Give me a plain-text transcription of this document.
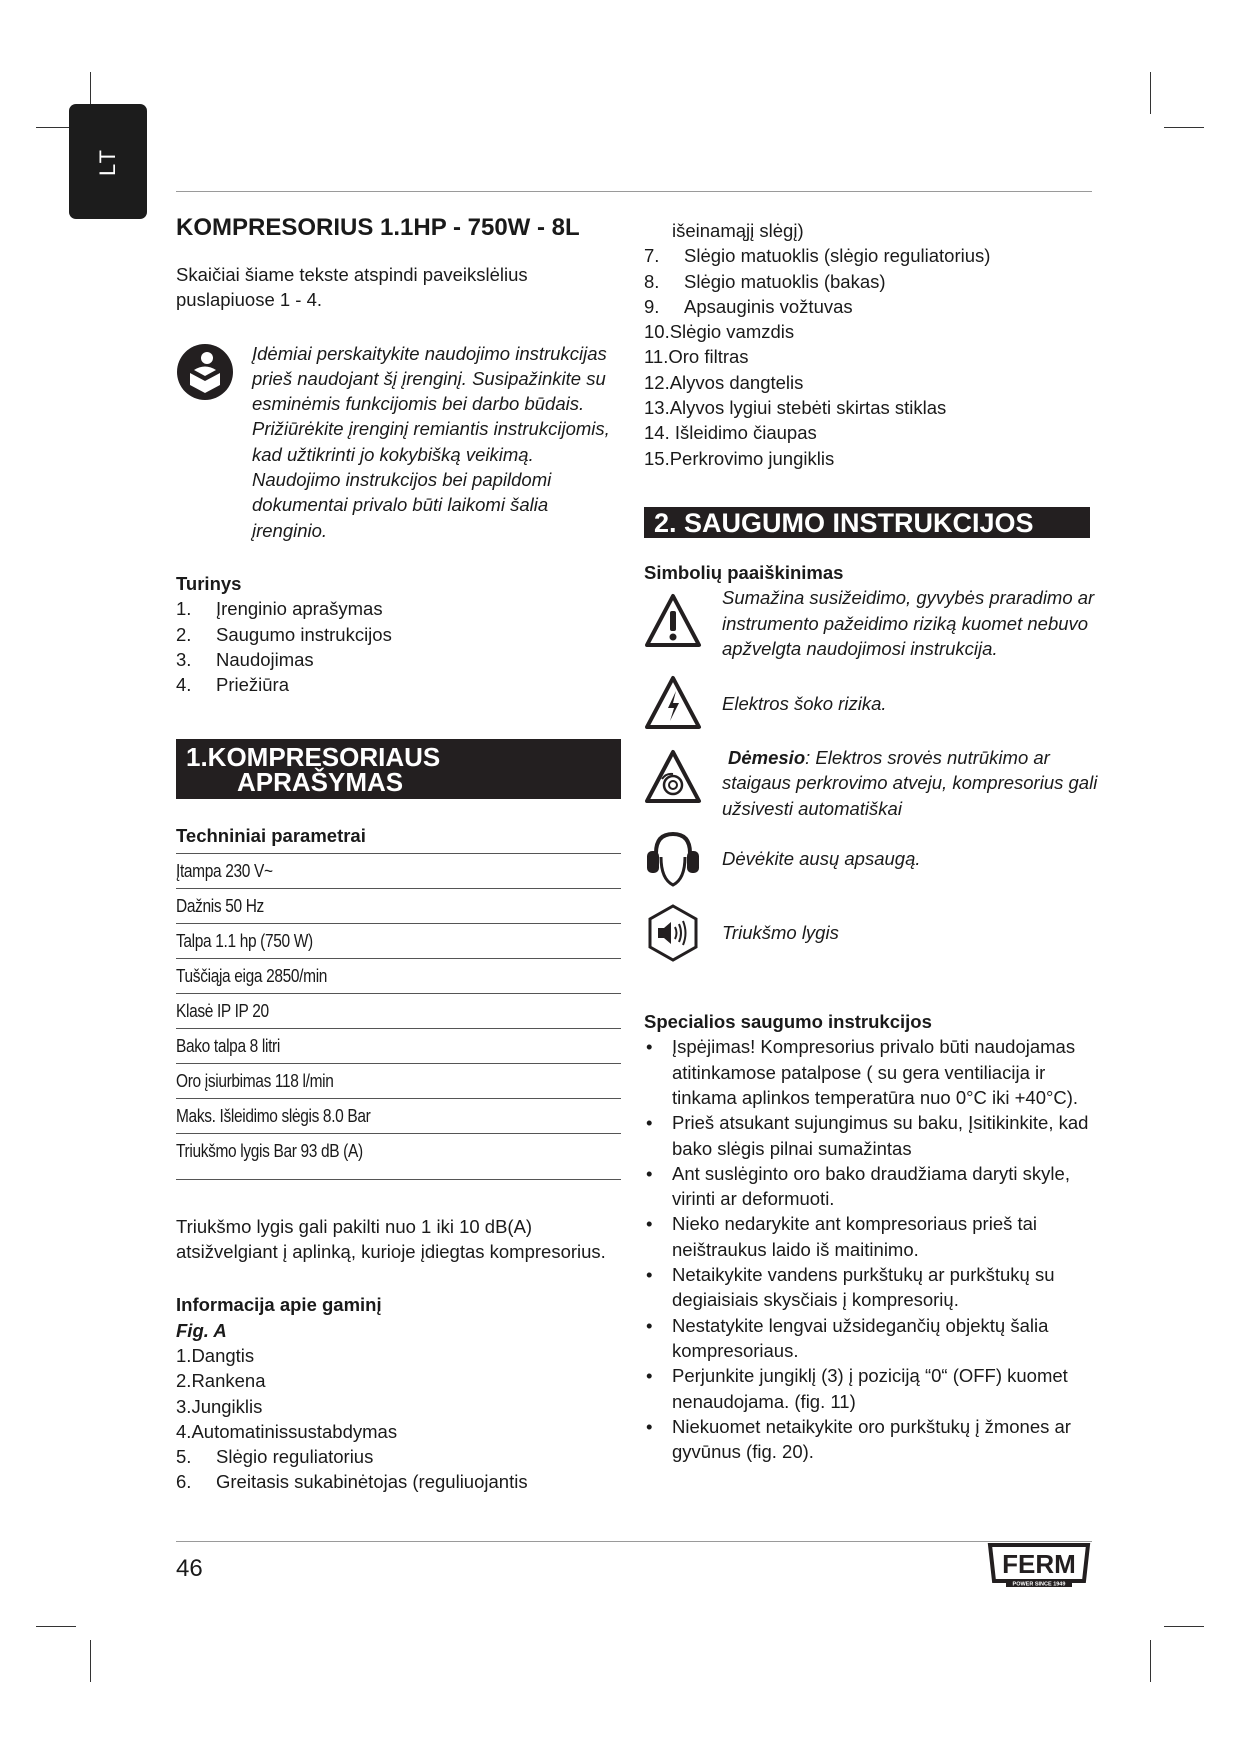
LT
KOMPRESORIUS 1.1HP - 750W - 8L

Skaičiai šiame tekste atspindi paveikslėlius puslapiuose 1 - 4.

Įdėmiai perskaitykite naudojimo instrukcijas prieš naudojant šį įrenginį. Susipažinkite su esminėmis funkcijomis bei darbo būdais. Prižiūrėkite įrenginį remiantis instrukcijomis, kad užtikrinti jo kokybišką veikimą. Naudojimo instrukcijos bei papildomi dokumentai privalo būti laikomi šalia įrenginio.
Turinys
1.	Įrenginio aprašymas
2.	Saugumo instrukcijos
3.	Naudojimas
4.	Priežiūra
1.KOMPRESORIAUS
APRAŠYMAS
Techniniai parametrai
Įtampa 230 V~
Dažnis 50 Hz
Talpa 1.1 hp (750 W)
Tuščiąja eiga 2850/min
Klasė IP IP 20
Bako talpa 8 litri
Oro įsiurbimas 118 l/min
Maks. Išleidimo slėgis 8.0 Bar
Triukšmo lygis Bar 93 dB (A)

Triukšmo lygis gali pakilti nuo 1 iki 10 dB(A) atsižvelgiant į aplinką, kurioje įdiegtas kompresorius.

Informacija apie gaminį
Fig. A
1. Dangtis
2. Rankena
3. Jungiklis
4. Automatinissustabdymas
5.	Slėgio reguliatorius
6.	Greitasis sukabinėtojas (reguliuojantis

išeinamąjį slėgį)

7.	Slėgio matuoklis (slėgio reguliatorius)
8.	Slėgio matuoklis (bakas)
9.	Apsauginis vožtuvas
10. Slėgio vamzdis
11. Oro filtras
12. Alyvos dangtelis
13. Alyvos lygiui stebėti skirtas stiklas
14. Išleidimo čiaupas
15. Perkrovimo jungiklis
2. SAUGUMO INSTRUKCIJOS
Simbolių paaiškinimas
Sumažina susižeidimo, gyvybės praradimo ar instrumento pažeidimo riziką kuomet nebuvo apžvelgta naudojimosi instrukcija.
Elektros šoko rizika.
Dėmesio: Elektros srovės nutrūkimo ar staigaus perkrovimo atveju, kompresorius gali užsivesti automatiškai
Dėvėkite ausų apsaugą.
Triukšmo lygis
Specialios saugumo instrukcijos
•	Įspėjimas! Kompresorius privalo būti naudojamas atitinkamose patalpose ( su gera ventiliacija ir tinkama aplinkos temperatūra nuo 0°C iki +40°C).
•	Prieš atsukant sujungimus su baku, Įsitikinkite, kad bako slėgis pilnai sumažintas
•	Ant suslėginto oro bako draudžiama daryti skyle, virinti ar deformuoti.
•	Nieko nedarykite ant kompresoriaus prieš tai neištraukus laido iš maitinimo.
•	Netaikykite vandens purkštukų ar purkštukų su degiaisiais skysčiais į kompresorių.
•	Nestatykite lengvai užsidegančių objektų šalia kompresoriaus.
•	Perjunkite jungiklį (3) į poziciją “0“ (OFF) kuomet nenaudojama. (fig. 11)
•	Niekuomet netaikykite oro purkštukų į žmones ar gyvūnus (fig. 20).
46	FERM
POWER SINCE 1949
